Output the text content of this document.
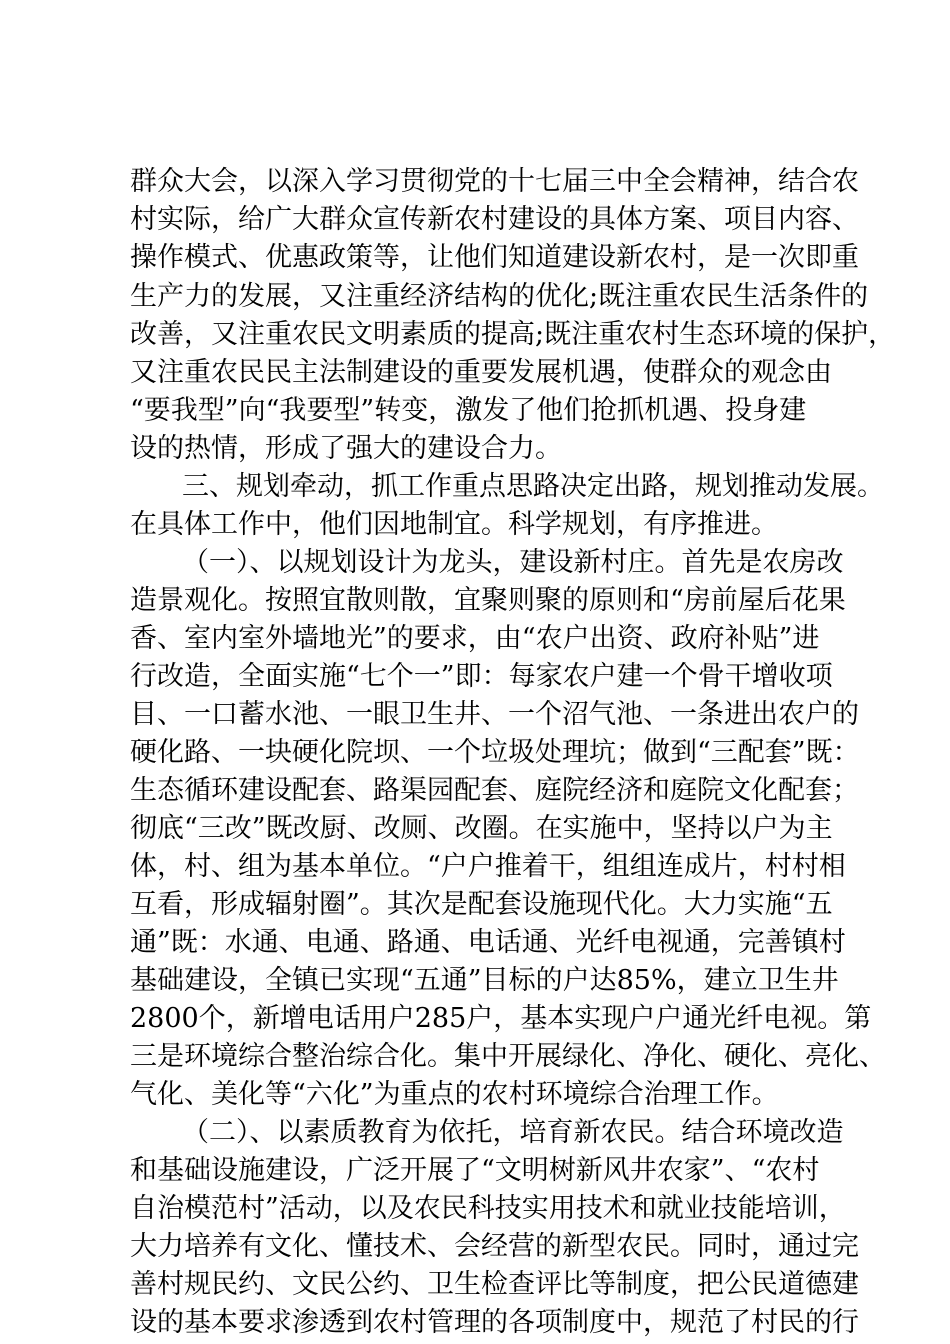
群众大会，以深入学习贯彻党的十七届三中全会精神，结合农
村实际，给广大群众宣传新农村建设的具体方案、项目内容、
操作模式、优惠政策等，让他们知道建设新农村，是一次即重
生产力的发展，又注重经济结构的优化;既注重农民生活条件的
改善，又注重农民文明素质的提高;既注重农村生态环境的保护，
又注重农民民主法制建设的重要发展机遇，使群众的观念由
“要我型”向“我要型”转变，激发了他们抢抓机遇、投身建
设的热情，形成了强大的建设合力。
三、规划牵动，抓工作重点思路决定出路，规划推动发展。
在具体工作中，他们因地制宜。科学规划，有序推进。
（一）、以规划设计为龙头，建设新村庄。首先是农房改
造景观化。按照宜散则散，宜聚则聚的原则和“房前屋后花果
香、室内室外墙地光”的要求，由“农户出资、政府补贴”进
行改造，全面实施“七个一”即：每家农户建一个骨干增收项
目、一口蓄水池、一眼卫生井、一个沼气池、一条进出农户的
硬化路、一块硬化院坝、一个垃圾处理坑；做到“三配套”既：
生态循环建设配套、路渠园配套、庭院经济和庭院文化配套；
彻底“三改”既改厨、改厕、改圈。在实施中，坚持以户为主
体，村、组为基本单位。“户户推着干，组组连成片，村村相
互看，形成辐射圈”。其次是配套设施现代化。大力实施“五
通”既：水通、电通、路通、电话通、光纤电视通，完善镇村
基础建设，全镇已实现“五通”目标的户达85%，建立卫生井
2800个，新增电话用户285户，基本实现户户通光纤电视。第
三是环境综合整治综合化。集中开展绿化、净化、硬化、亮化、
气化、美化等“六化”为重点的农村环境综合治理工作。
（二）、以素质教育为依托，培育新农民。结合环境改造
和基础设施建设，广泛开展了“文明树新风井农家”、“农村
自治模范村”活动，以及农民科技实用技术和就业技能培训，
大力培养有文化、懂技术、会经营的新型农民。同时，通过完
善村规民约、文民公约、卫生检查评比等制度，把公民道德建
设的基本要求渗透到农村管理的各项制度中，规范了村民的行
